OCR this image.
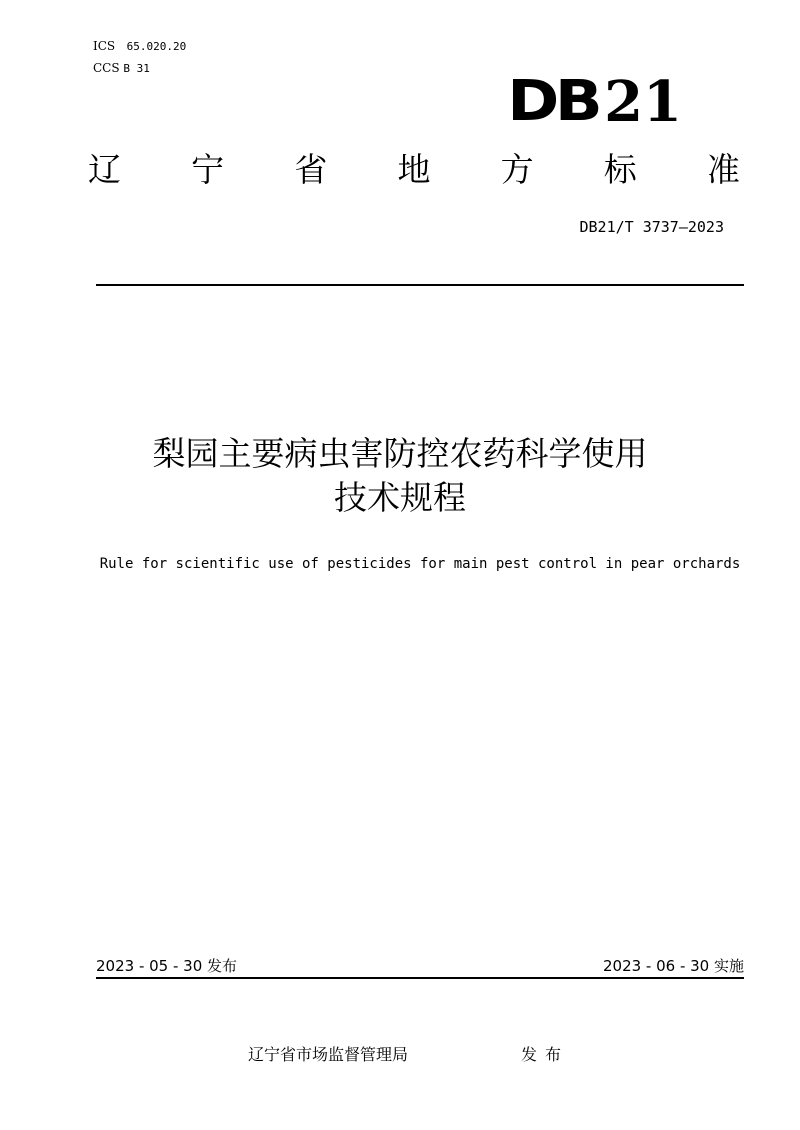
ICS 65.020.20
CCS B 31
DB 21
辽 宁 省 地 方 标 准
DB21/T 3737—2023
梨园主要病虫害防控农药科学使用
技术规程
Rule for scientific use of pesticides for main pest control in pear orchards
2023 - 05 - 30 发布	2023 - 06 - 30 实施
辽宁省市场监督管理局	发布
